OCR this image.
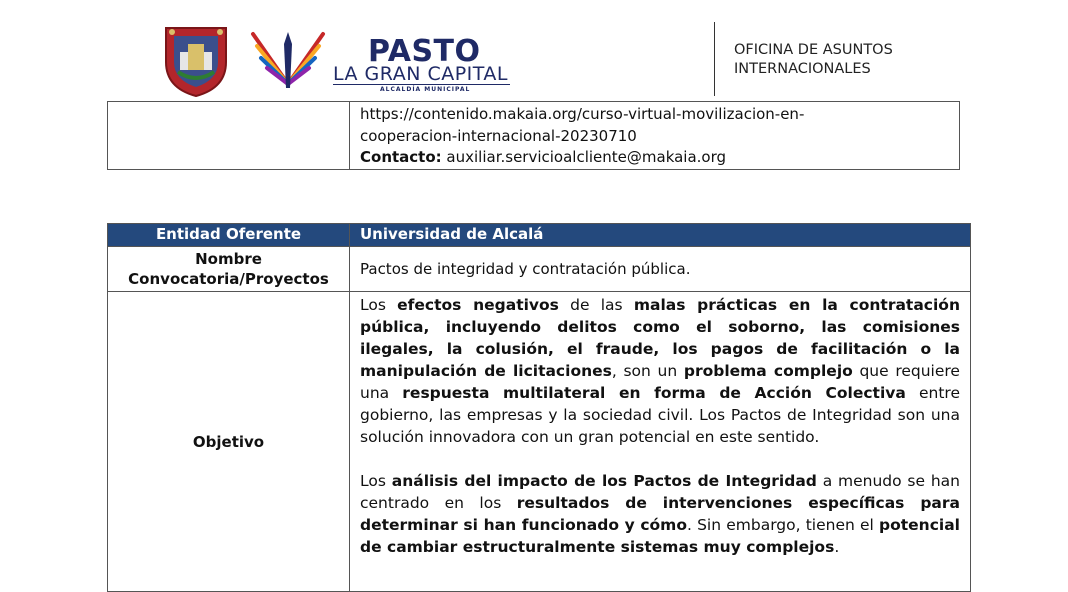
PASTO
LA GRAN CAPITAL
ALCALDÍA MUNICIPAL
OFICINA DE ASUNTOS
INTERNACIONALES

https://contenido.makaia.org/curso-virtual-movilizacion-en-
cooperacion-internacional-20230710
Contacto: auxiliar.servicioalcliente@makaia.org
Entidad Oferente	Universidad de Alcalá

Nombre
Convocatoria/Proyectos	Pactos de integridad y contratación pública.
Objetivo	Los efectos negativos de las malas prácticas en la contratación pública, incluyendo delitos como el soborno, las comisiones ilegales, la colusión, el fraude, los pagos de facilitación o la manipulación de licitaciones, son un problema complejo que requiere una respuesta multilateral en forma de Acción Colectiva entre gobierno, las empresas y la sociedad civil. Los Pactos de Integridad son una solución innovadora con un gran potencial en este sentido.

Los análisis del impacto de los Pactos de Integridad a menudo se han centrado en los resultados de intervenciones específicas para determinar si han funcionado y cómo. Sin embargo, tienen el potencial de cambiar estructuralmente sistemas muy complejos.
